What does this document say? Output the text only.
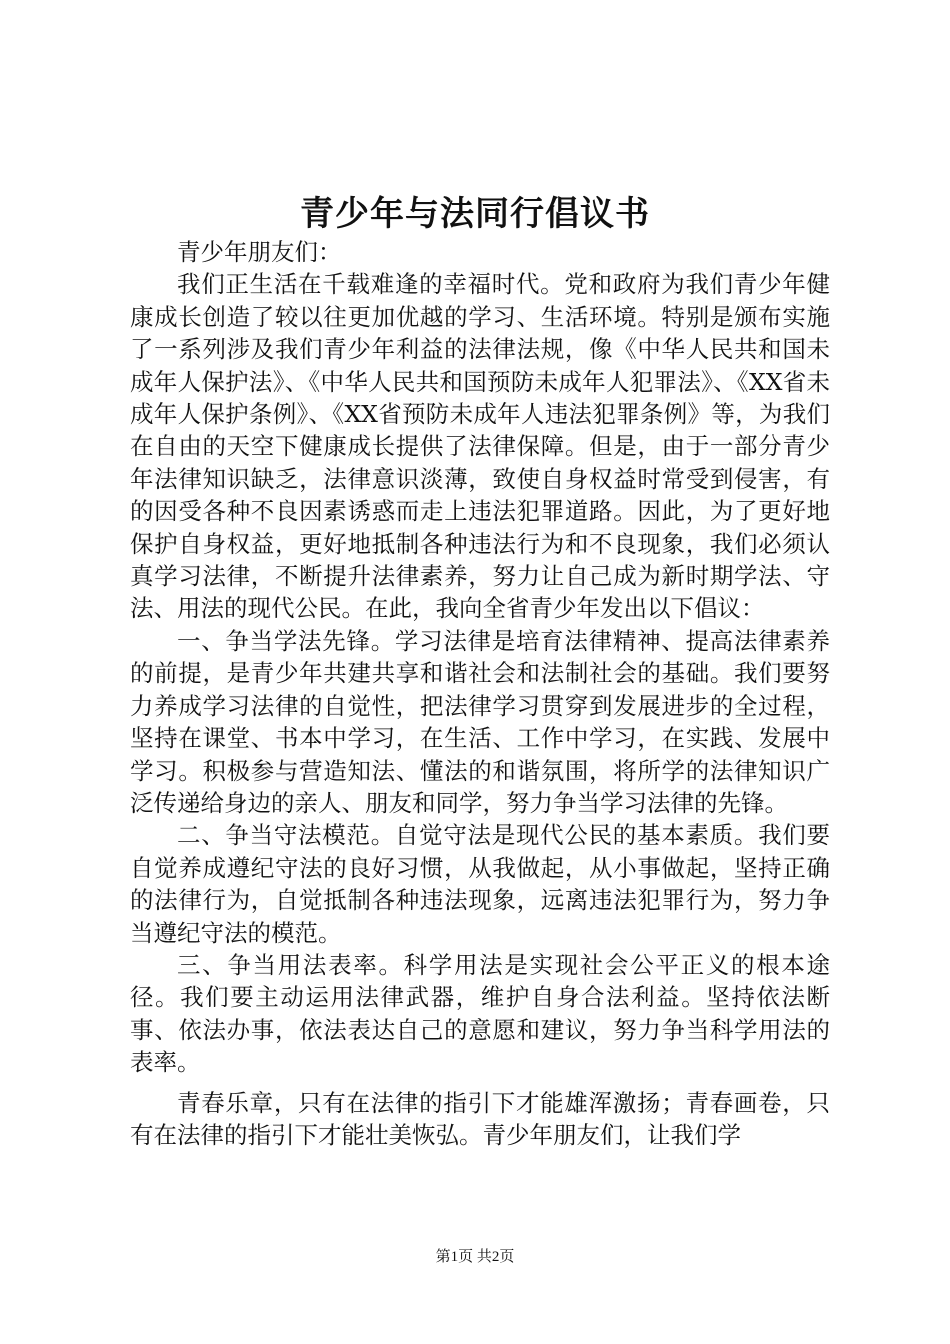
青少年与法同行倡议书

青少年朋友们：

我们正生活在千载难逢的幸福时代。党和政府为我们青少年健康成长创造了较以往更加优越的学习、生活环境。特别是颁布实施了一系列涉及我们青少年利益的法律法规，像《中华人民共和国未成年人保护法》、《中华人民共和国预防未成年人犯罪法》、《XX省未成年人保护条例》、《XX省预防未成年人违法犯罪条例》等，为我们在自由的天空下健康成长提供了法律保障。但是，由于一部分青少年法律知识缺乏，法律意识淡薄，致使自身权益时常受到侵害，有的因受各种不良因素诱惑而走上违法犯罪道路。因此，为了更好地保护自身权益，更好地抵制各种违法行为和不良现象，我们必须认真学习法律，不断提升法律素养，努力让自己成为新时期学法、守法、用法的现代公民。在此，我向全省青少年发出以下倡议：

一、争当学法先锋。学习法律是培育法律精神、提高法律素养的前提，是青少年共建共享和谐社会和法制社会的基础。我们要努力养成学习法律的自觉性，把法律学习贯穿到发展进步的全过程，坚持在课堂、书本中学习，在生活、工作中学习，在实践、发展中学习。积极参与营造知法、懂法的和谐氛围，将所学的法律知识广泛传递给身边的亲人、朋友和同学，努力争当学习法律的先锋。

二、争当守法模范。自觉守法是现代公民的基本素质。我们要自觉养成遵纪守法的良好习惯，从我做起，从小事做起，坚持正确的法律行为，自觉抵制各种违法现象，远离违法犯罪行为，努力争当遵纪守法的模范。

三、争当用法表率。科学用法是实现社会公平正义的根本途径。我们要主动运用法律武器，维护自身合法利益。坚持依法断事、依法办事，依法表达自己的意愿和建议，努力争当科学用法的表率。

青春乐章，只有在法律的指引下才能雄浑激扬；青春画卷，只有在法律的指引下才能壮美恢弘。青少年朋友们，让我们学

第1页 共2页
